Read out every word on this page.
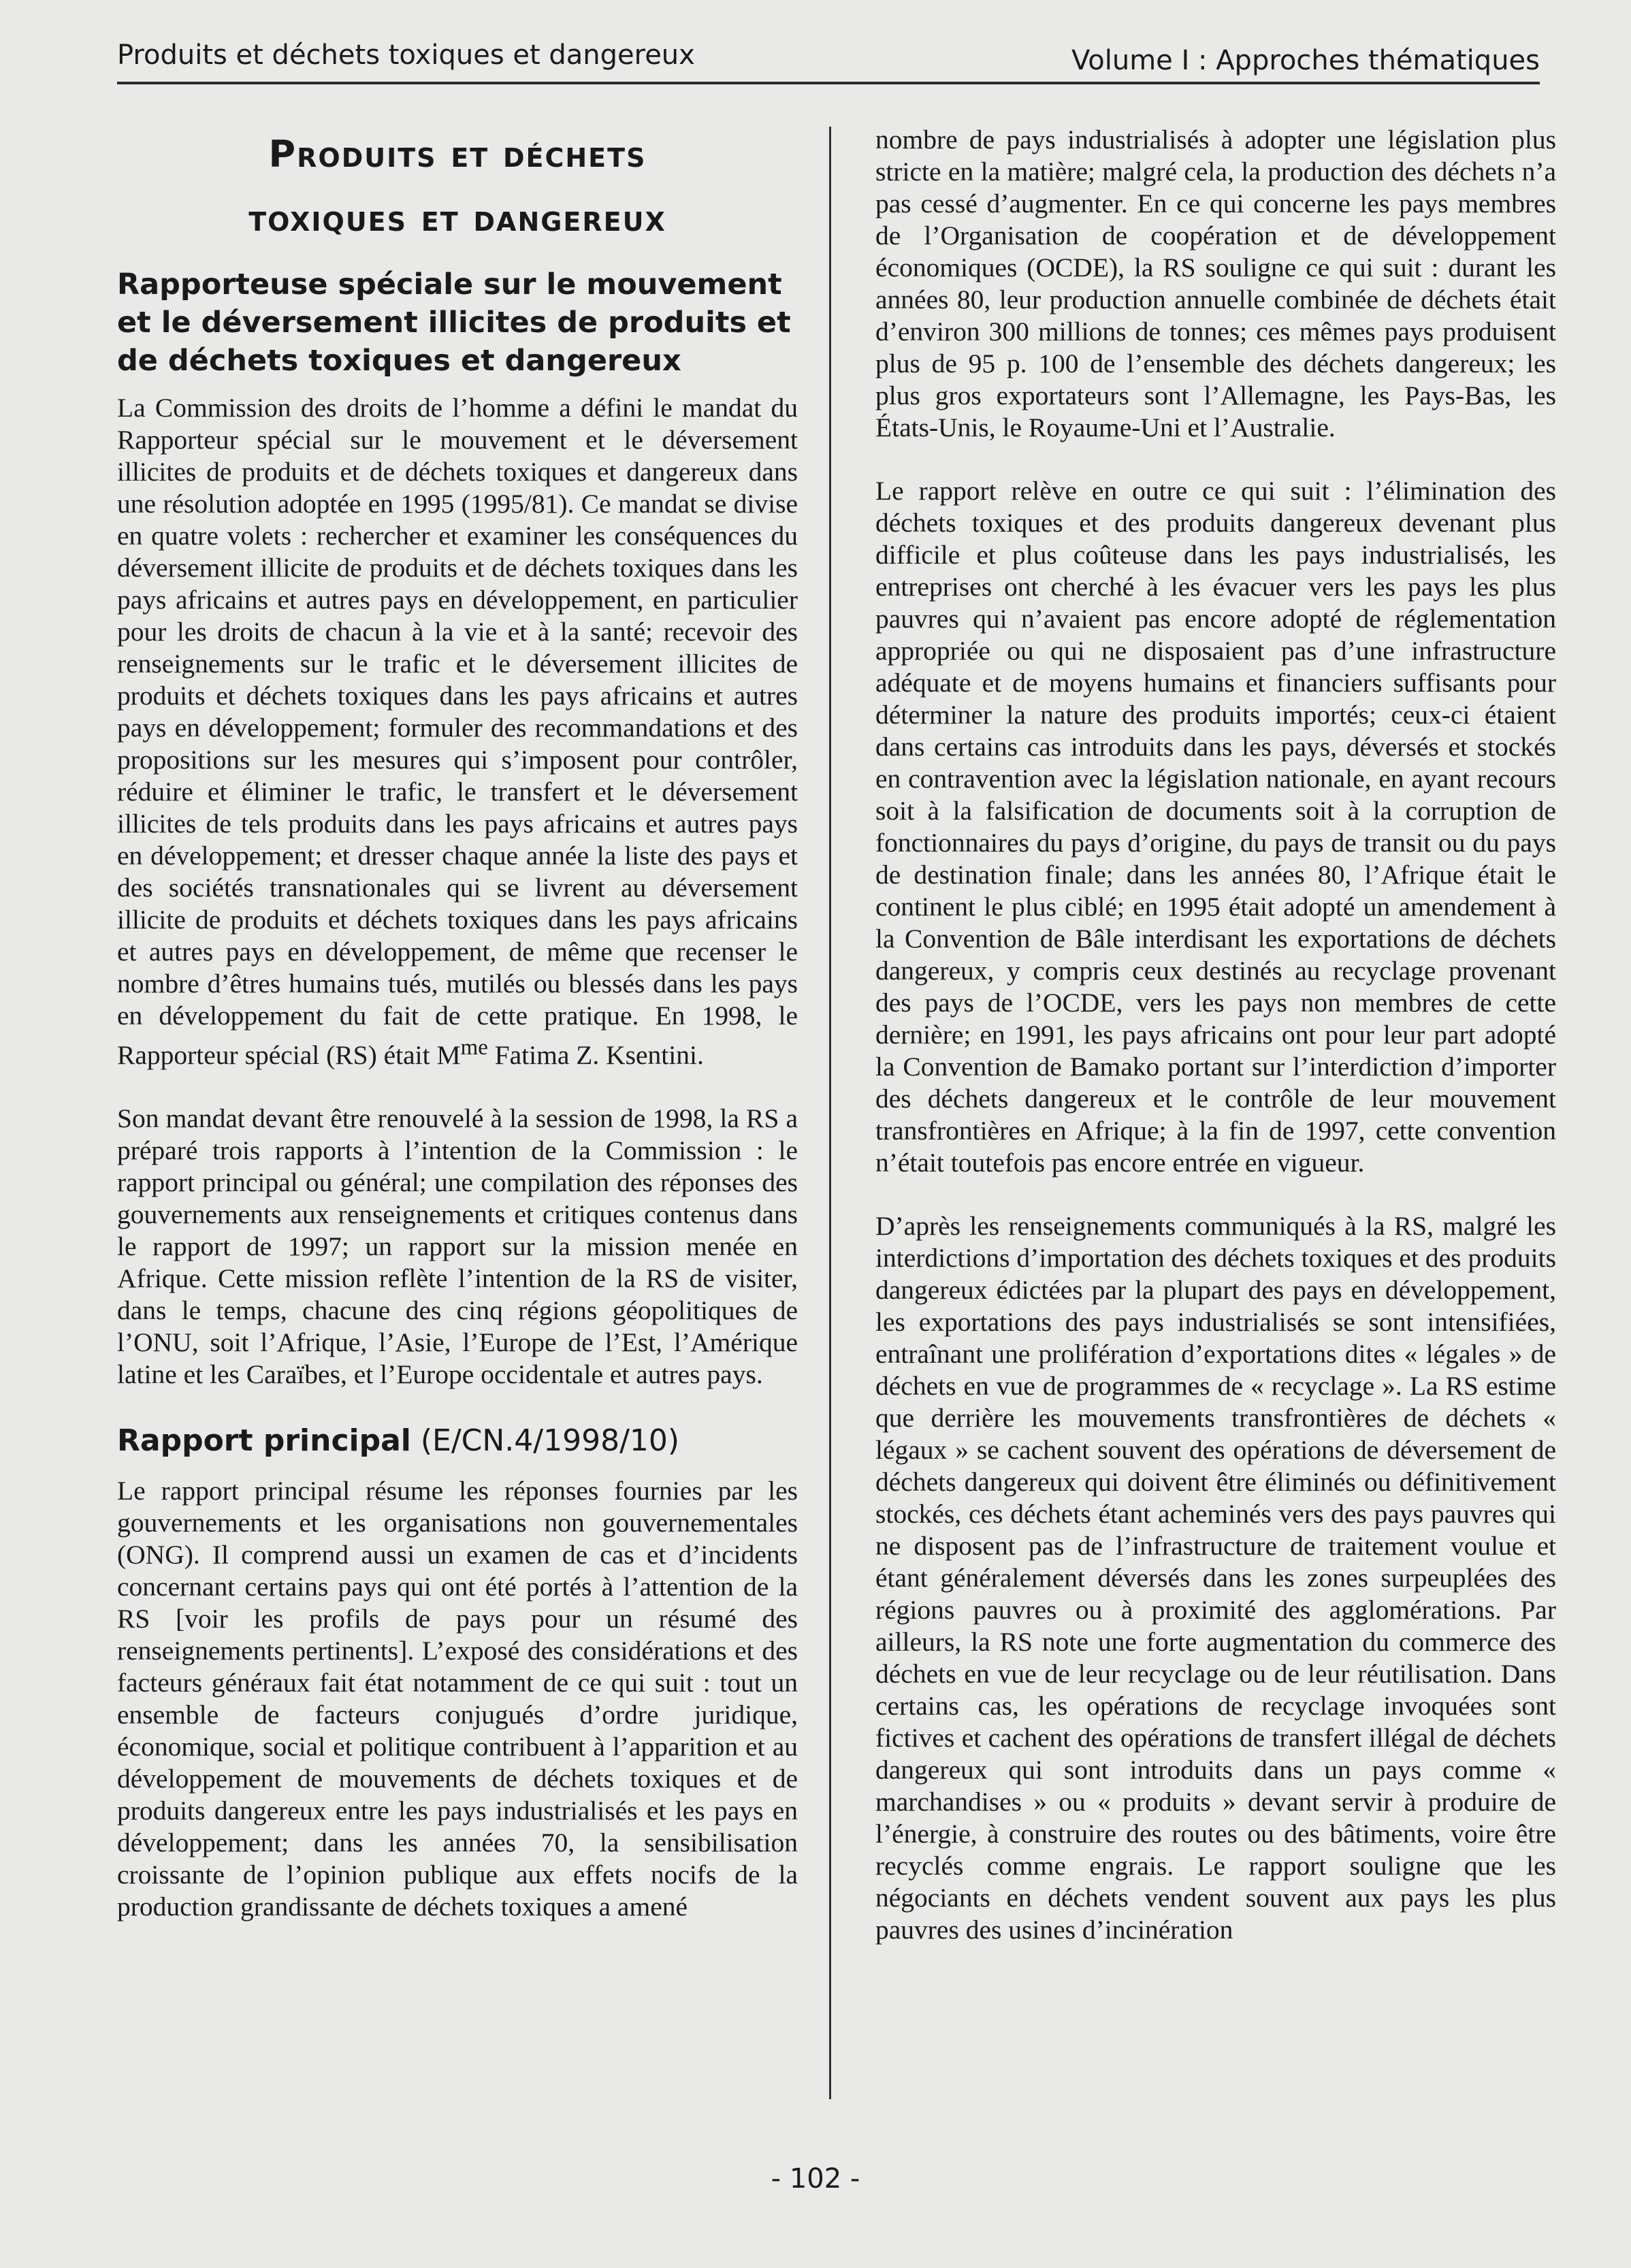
Produits et déchets toxiques et dangereux	Volume I : Approches thématiques
Produits et déchets
toxiques et dangereux
Rapporteuse spéciale sur le mouvement et le déversement illicites de produits et de déchets toxiques et dangereux

La Commission des droits de l’homme a défini le mandat du Rapporteur spécial sur le mouvement et le déversement illicites de produits et de déchets toxiques et dangereux dans une résolution adoptée en 1995 (1995/81). Ce mandat se divise en quatre volets : rechercher et examiner les conséquences du déversement illicite de produits et de déchets toxiques dans les pays africains et autres pays en développement, en particulier pour les droits de chacun à la vie et à la santé; recevoir des renseignements sur le trafic et le déversement illicites de produits et déchets toxiques dans les pays africains et autres pays en développement; formuler des recommandations et des propositions sur les mesures qui s’imposent pour contrôler, réduire et éliminer le trafic, le transfert et le déversement illicites de tels produits dans les pays africains et autres pays en développement; et dresser chaque année la liste des pays et des sociétés transnationales qui se livrent au déversement illicite de produits et déchets toxiques dans les pays africains et autres pays en développement, de même que recenser le nombre d’êtres humains tués, mutilés ou blessés dans les pays en développement du fait de cette pratique. En 1998, le Rapporteur spécial (RS) était $M^{me}$ Fatima Z. Ksentini.

Son mandat devant être renouvelé à la session de 1998, la RS a préparé trois rapports à l’intention de la Commission : le rapport principal ou général; une compilation des réponses des gouvernements aux renseignements et critiques contenus dans le rapport de 1997; un rapport sur la mission menée en Afrique. Cette mission reflète l’intention de la RS de visiter, dans le temps, chacune des cinq régions géopolitiques de l’ONU, soit l’Afrique, l’Asie, l’Europe de l’Est, l’Amérique latine et les Caraïbes, et l’Europe occidentale et autres pays.

Rapport principal (E/CN.4/1998/10)

Le rapport principal résume les réponses fournies par les gouvernements et les organisations non gouvernementales (ONG). Il comprend aussi un examen de cas et d’incidents concernant certains pays qui ont été portés à l’attention de la RS [voir les profils de pays pour un résumé des renseignements pertinents]. L’exposé des considérations et des facteurs généraux fait état notamment de ce qui suit : tout un ensemble de facteurs conjugués d’ordre juridique, économique, social et politique contribuent à l’apparition et au développement de mouvements de déchets toxiques et de produits dangereux entre les pays industrialisés et les pays en développement; dans les années 70, la sensibilisation croissante de l’opinion publique aux effets nocifs de la production grandissante de déchets toxiques a amené

nombre de pays industrialisés à adopter une législation plus stricte en la matière; malgré cela, la production des déchets n’a pas cessé d’augmenter. En ce qui concerne les pays membres de l’Organisation de coopération et de développement économiques (OCDE), la RS souligne ce qui suit : durant les années 80, leur production annuelle combinée de déchets était d’environ 300 millions de tonnes; ces mêmes pays produisent plus de 95 p. 100 de l’ensemble des déchets dangereux; les plus gros exportateurs sont l’Allemagne, les Pays-Bas, les États-Unis, le Royaume-Uni et l’Australie.

Le rapport relève en outre ce qui suit : l’élimination des déchets toxiques et des produits dangereux devenant plus difficile et plus coûteuse dans les pays industrialisés, les entreprises ont cherché à les évacuer vers les pays les plus pauvres qui n’avaient pas encore adopté de réglementation appropriée ou qui ne disposaient pas d’une infrastructure adéquate et de moyens humains et financiers suffisants pour déterminer la nature des produits importés; ceux-ci étaient dans certains cas introduits dans les pays, déversés et stockés en contravention avec la législation nationale, en ayant recours soit à la falsification de documents soit à la corruption de fonctionnaires du pays d’origine, du pays de transit ou du pays de destination finale; dans les années 80, l’Afrique était le continent le plus ciblé; en 1995 était adopté un amendement à la Convention de Bâle interdisant les exportations de déchets dangereux, y compris ceux destinés au recyclage provenant des pays de l’OCDE, vers les pays non membres de cette dernière; en 1991, les pays africains ont pour leur part adopté la Convention de Bamako portant sur l’interdiction d’importer des déchets dangereux et le contrôle de leur mouvement transfrontières en Afrique; à la fin de 1997, cette convention n’était toutefois pas encore entrée en vigueur.

D’après les renseignements communiqués à la RS, malgré les interdictions d’importation des déchets toxiques et des produits dangereux édictées par la plupart des pays en développement, les exportations des pays industrialisés se sont intensifiées, entraînant une prolifération d’exportations dites « légales » de déchets en vue de programmes de « recyclage ». La RS estime que derrière les mouvements transfrontières de déchets « légaux » se cachent souvent des opérations de déversement de déchets dangereux qui doivent être éliminés ou définitivement stockés, ces déchets étant acheminés vers des pays pauvres qui ne disposent pas de l’infrastructure de traitement voulue et étant généralement déversés dans les zones surpeuplées des régions pauvres ou à proximité des agglomérations. Par ailleurs, la RS note une forte augmentation du commerce des déchets en vue de leur recyclage ou de leur réutilisation. Dans certains cas, les opérations de recyclage invoquées sont fictives et cachent des opérations de transfert illégal de déchets dangereux qui sont introduits dans un pays comme « marchandises » ou « produits » devant servir à produire de l’énergie, à construire des routes ou des bâtiments, voire être recyclés comme engrais. Le rapport souligne que les négociants en déchets vendent souvent aux pays les plus pauvres des usines d’incinération

- 102 -
